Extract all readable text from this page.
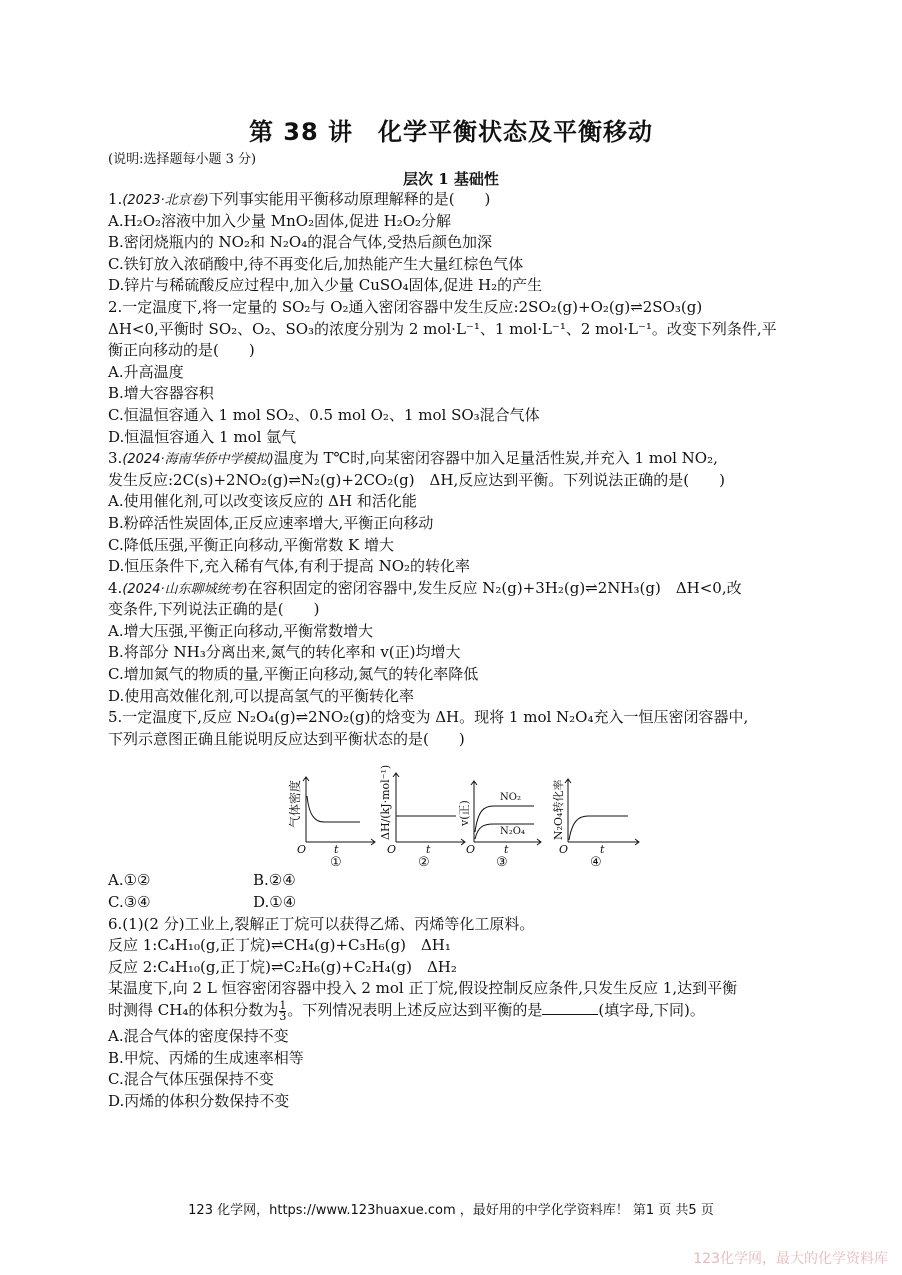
第 38 讲　化学平衡状态及平衡移动
(说明:选择题每小题 3 分)
层次 1 基础性
1.(2023·北京卷)下列事实能用平衡移动原理解释的是(　　)
A.H₂O₂溶液中加入少量 MnO₂固体,促进 H₂O₂分解
B.密闭烧瓶内的 NO₂和 N₂O₄的混合气体,受热后颜色加深
C.铁钉放入浓硝酸中,待不再变化后,加热能产生大量红棕色气体
D.锌片与稀硫酸反应过程中,加入少量 CuSO₄固体,促进 H₂的产生
2.一定温度下,将一定量的 SO₂与 O₂通入密闭容器中发生反应:2SO₂(g)+O₂(g)⇌2SO₃(g)
ΔH<0,平衡时 SO₂、O₂、SO₃的浓度分别为 2 mol·L⁻¹、1 mol·L⁻¹、2 mol·L⁻¹。改变下列条件,平
衡正向移动的是(　　)
A.升高温度
B.增大容器容积
C.恒温恒容通入 1 mol SO₂、0.5 mol O₂、1 mol SO₃混合气体
D.恒温恒容通入 1 mol 氩气
3.(2024·海南华侨中学模拟)温度为 T℃时,向某密闭容器中加入足量活性炭,并充入 1 mol NO₂,
发生反应:2C(s)+2NO₂(g)⇌N₂(g)+2CO₂(g)　ΔH,反应达到平衡。下列说法正确的是(　　)
A.使用催化剂,可以改变该反应的 ΔH 和活化能
B.粉碎活性炭固体,正反应速率增大,平衡正向移动
C.降低压强,平衡正向移动,平衡常数 K 增大
D.恒压条件下,充入稀有气体,有利于提高 NO₂的转化率
4.(2024·山东聊城统考)在容积固定的密闭容器中,发生反应 N₂(g)+3H₂(g)⇌2NH₃(g)　ΔH<0,改
变条件,下列说法正确的是(　　)
A.增大压强,平衡正向移动,平衡常数增大
B.将部分 NH₃分离出来,氮气的转化率和 v(正)均增大
C.增加氮气的物质的量,平衡正向移动,氮气的转化率降低
D.使用高效催化剂,可以提高氢气的平衡转化率
5.一定温度下,反应 N₂O₄(g)⇌2NO₂(g)的焓变为 ΔH。现将 1 mol N₂O₄充入一恒压密闭容器中,
下列示意图正确且能说明反应达到平衡状态的是(　　)
O	t
气体密度
①
O	t
ΔH/(kJ·mol⁻¹)
②
NO₂
N₂O₄
O	t
v(正)
③
O	t
N₂O₄转化率
④
A.①②	B.②④
C.③④	D.①④
6.(1)(2 分)工业上,裂解正丁烷可以获得乙烯、丙烯等化工原料。
反应 1:C₄H₁₀(g,正丁烷)⇌CH₄(g)+C₃H₆(g)　ΔH₁
反应 2:C₄H₁₀(g,正丁烷)⇌C₂H₆(g)+C₂H₄(g)　ΔH₂
某温度下,向 2 L 恒容密闭容器中投入 2 mol 正丁烷,假设控制反应条件,只发生反应 1,达到平衡
时测得 CH₄的体积分数为 $\frac{1}{3}$ 。下列情况表明上述反应达到平衡的是	(填字母,下同)。
A.混合气体的密度保持不变
B.甲烷、丙烯的生成速率相等
C.混合气体压强保持不变
D.丙烯的体积分数保持不变
123 化学网，https://www.123huaxue.com ，最好用的中学化学资料库！ 第1 页 共5 页
123化学网，最大的化学资料库
